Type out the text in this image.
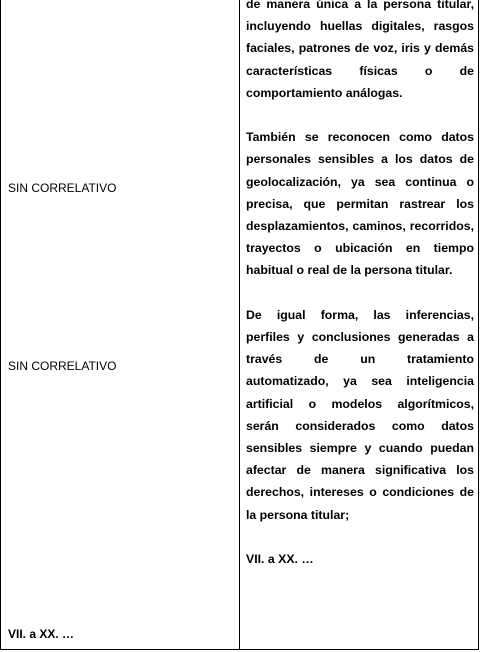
SIN CORRELATIVO
SIN CORRELATIVO
VII. a XX. …

de manera única a la persona titular, incluyendo huellas digitales, rasgos faciales, patrones de voz, iris y demás características físicas o de comportamiento análogas.

También se reconocen como datos personales sensibles a los datos de geolocalización, ya sea continua o precisa, que permitan rastrear los desplazamientos, caminos, recorridos, trayectos o ubicación en tiempo habitual o real de la persona titular.

De igual forma, las inferencias, perfiles y conclusiones generadas a través de un tratamiento automatizado, ya sea inteligencia artificial o modelos algorítmicos, serán considerados como datos sensibles siempre y cuando puedan afectar de manera significativa los derechos, intereses o condiciones de la persona titular;

VII. a XX. …
